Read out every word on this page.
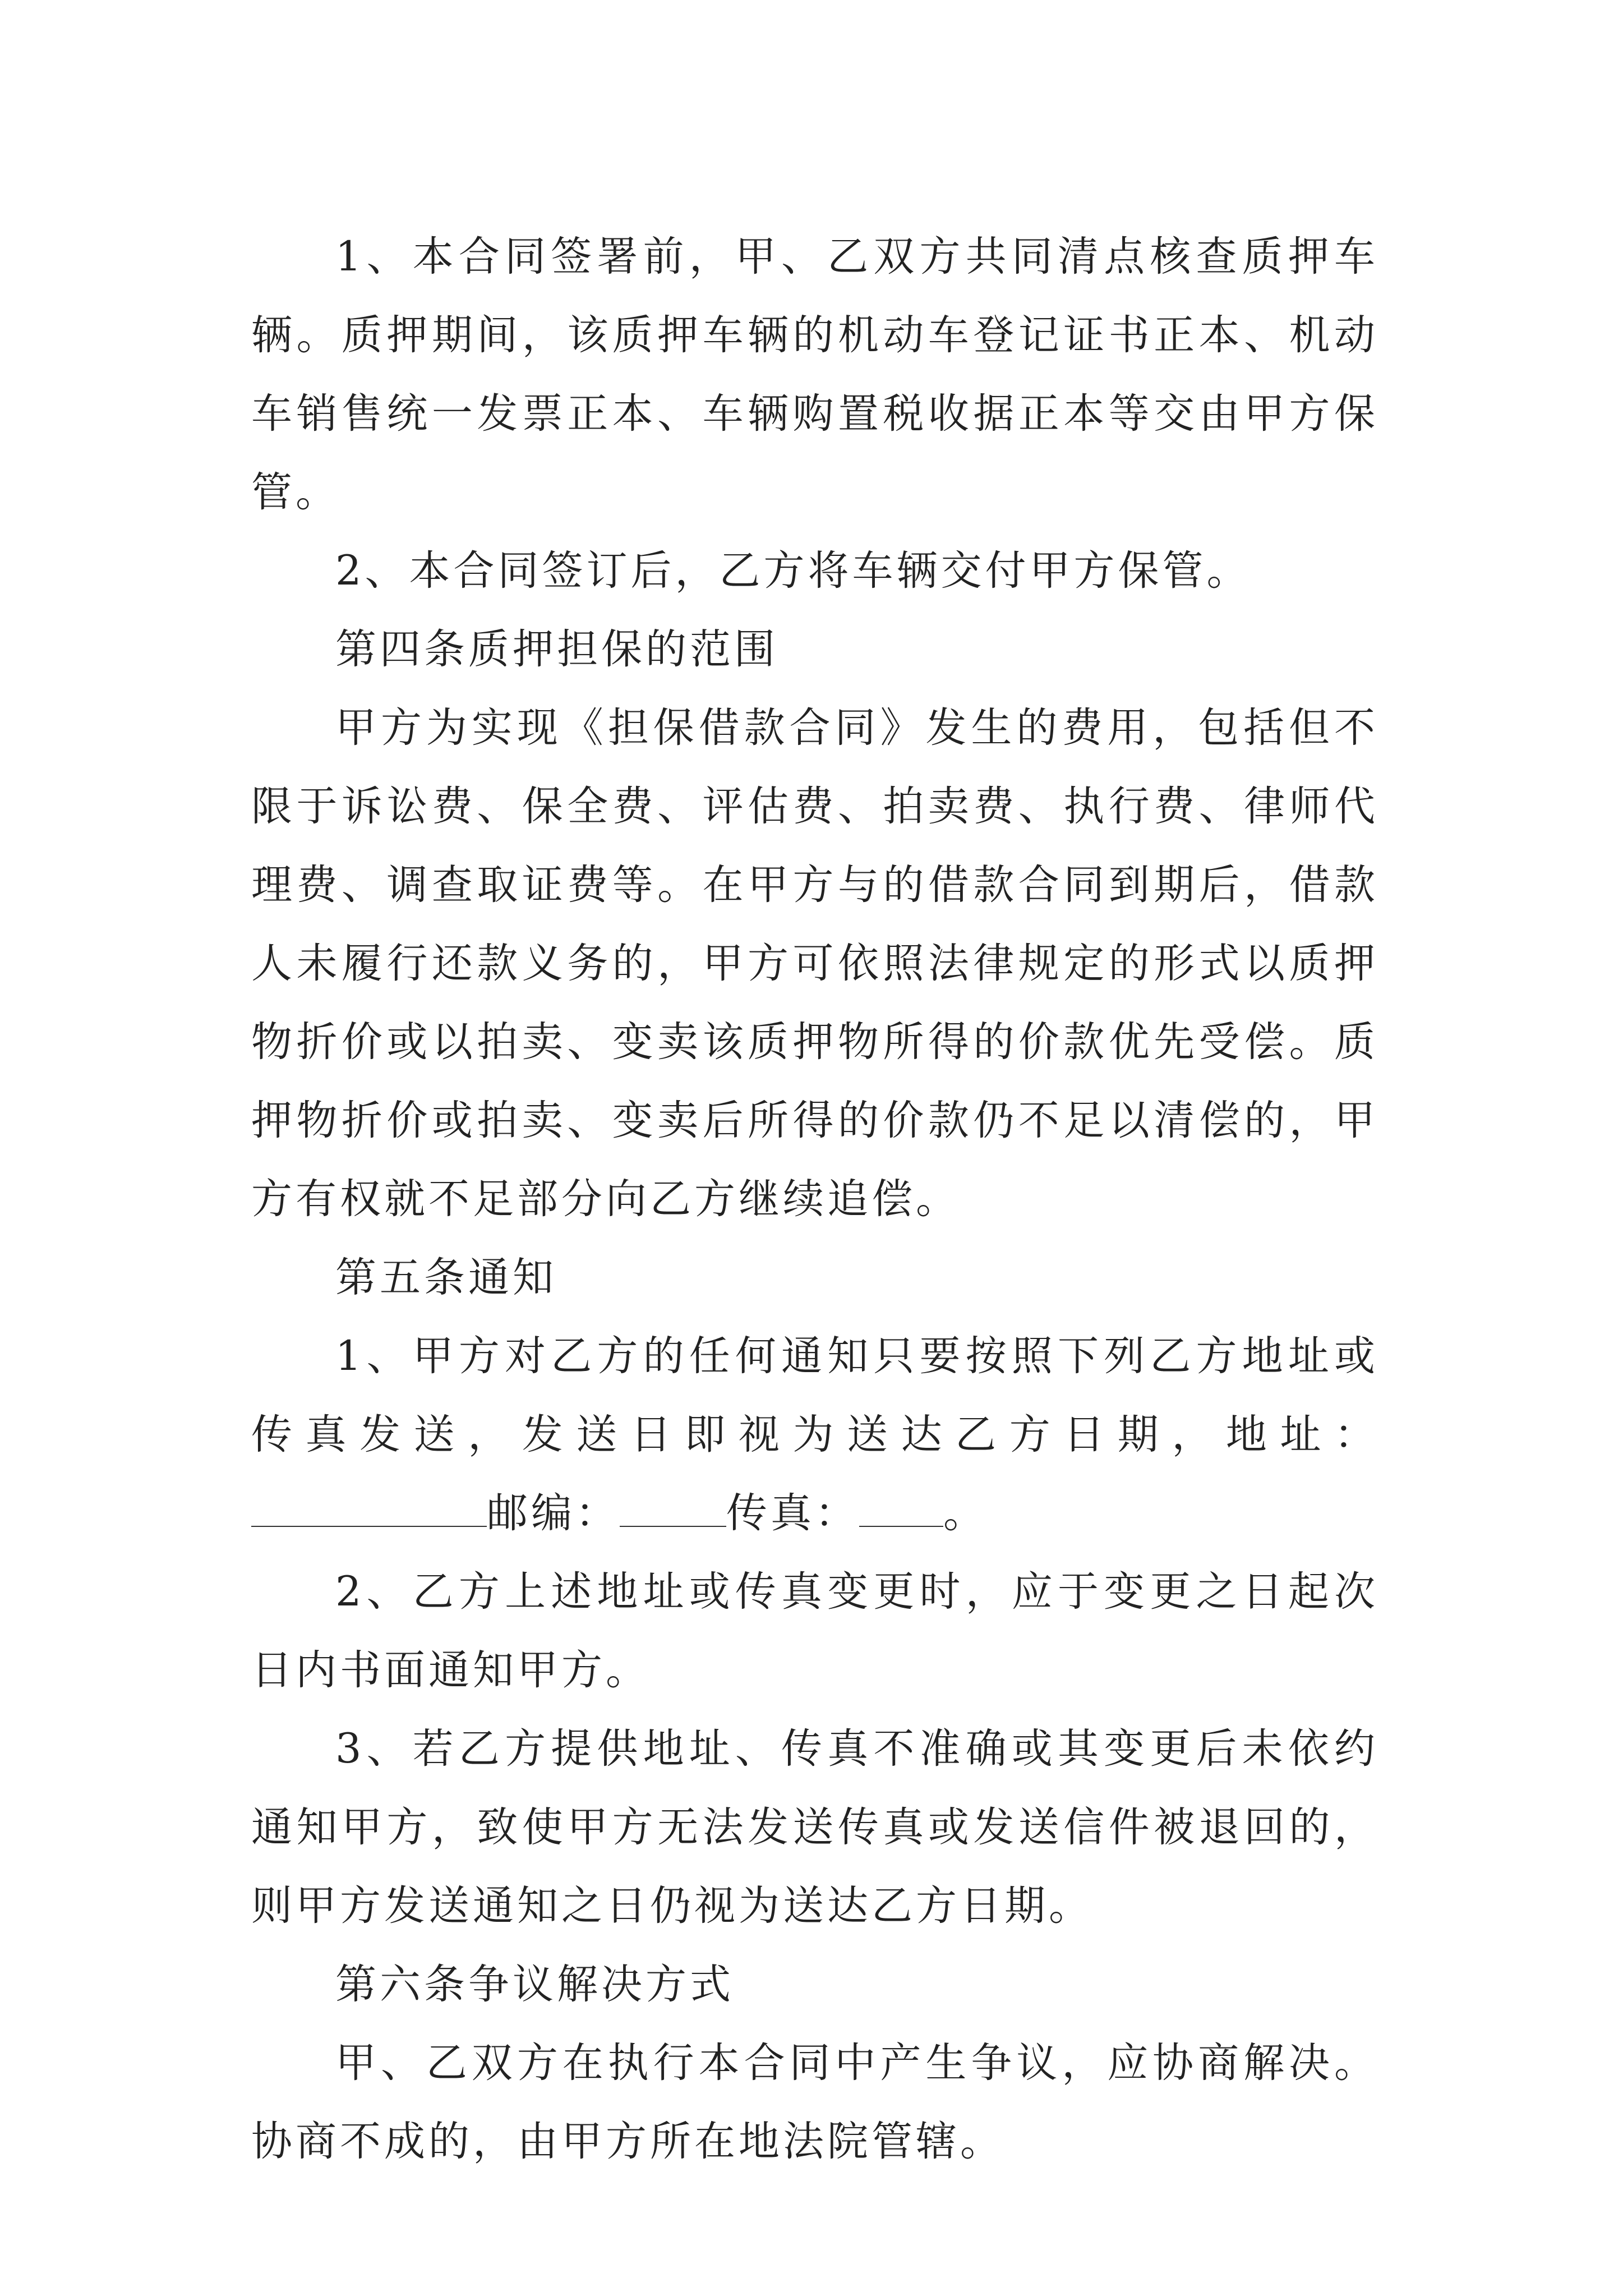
1、本合同签署前，甲、乙双方共同清点核查质押车辆。质押期间，该质押车辆的机动车登记证书正本、机动车销售统一发票正本、车辆购置税收据正本等交由甲方保管。

2、本合同签订后，乙方将车辆交付甲方保管。

第四条质押担保的范围

甲方为实现《担保借款合同》发生的费用，包括但不限于诉讼费、保全费、评估费、拍卖费、执行费、律师代理费、调查取证费等。在甲方与的借款合同到期后，借款人未履行还款义务的，甲方可依照法律规定的形式以质押物折价或以拍卖、变卖该质押物所得的价款优先受偿。质押物折价或拍卖、变卖后所得的价款仍不足以清偿的，甲方有权就不足部分向乙方继续追偿。

第五条通知

1、甲方对乙方的任何通知只要按照下列乙方地址或传真发送，发送日即视为送达乙方日期，地址：邮编：	传真： 。

2、乙方上述地址或传真变更时，应于变更之日起次日内书面通知甲方。

3、若乙方提供地址、传真不准确或其变更后未依约通知甲方，致使甲方无法发送传真或发送信件被退回的，则甲方发送通知之日仍视为送达乙方日期。

第六条争议解决方式

甲、乙双方在执行本合同中产生争议，应协商解决。协商不成的，由甲方所在地法院管辖。
